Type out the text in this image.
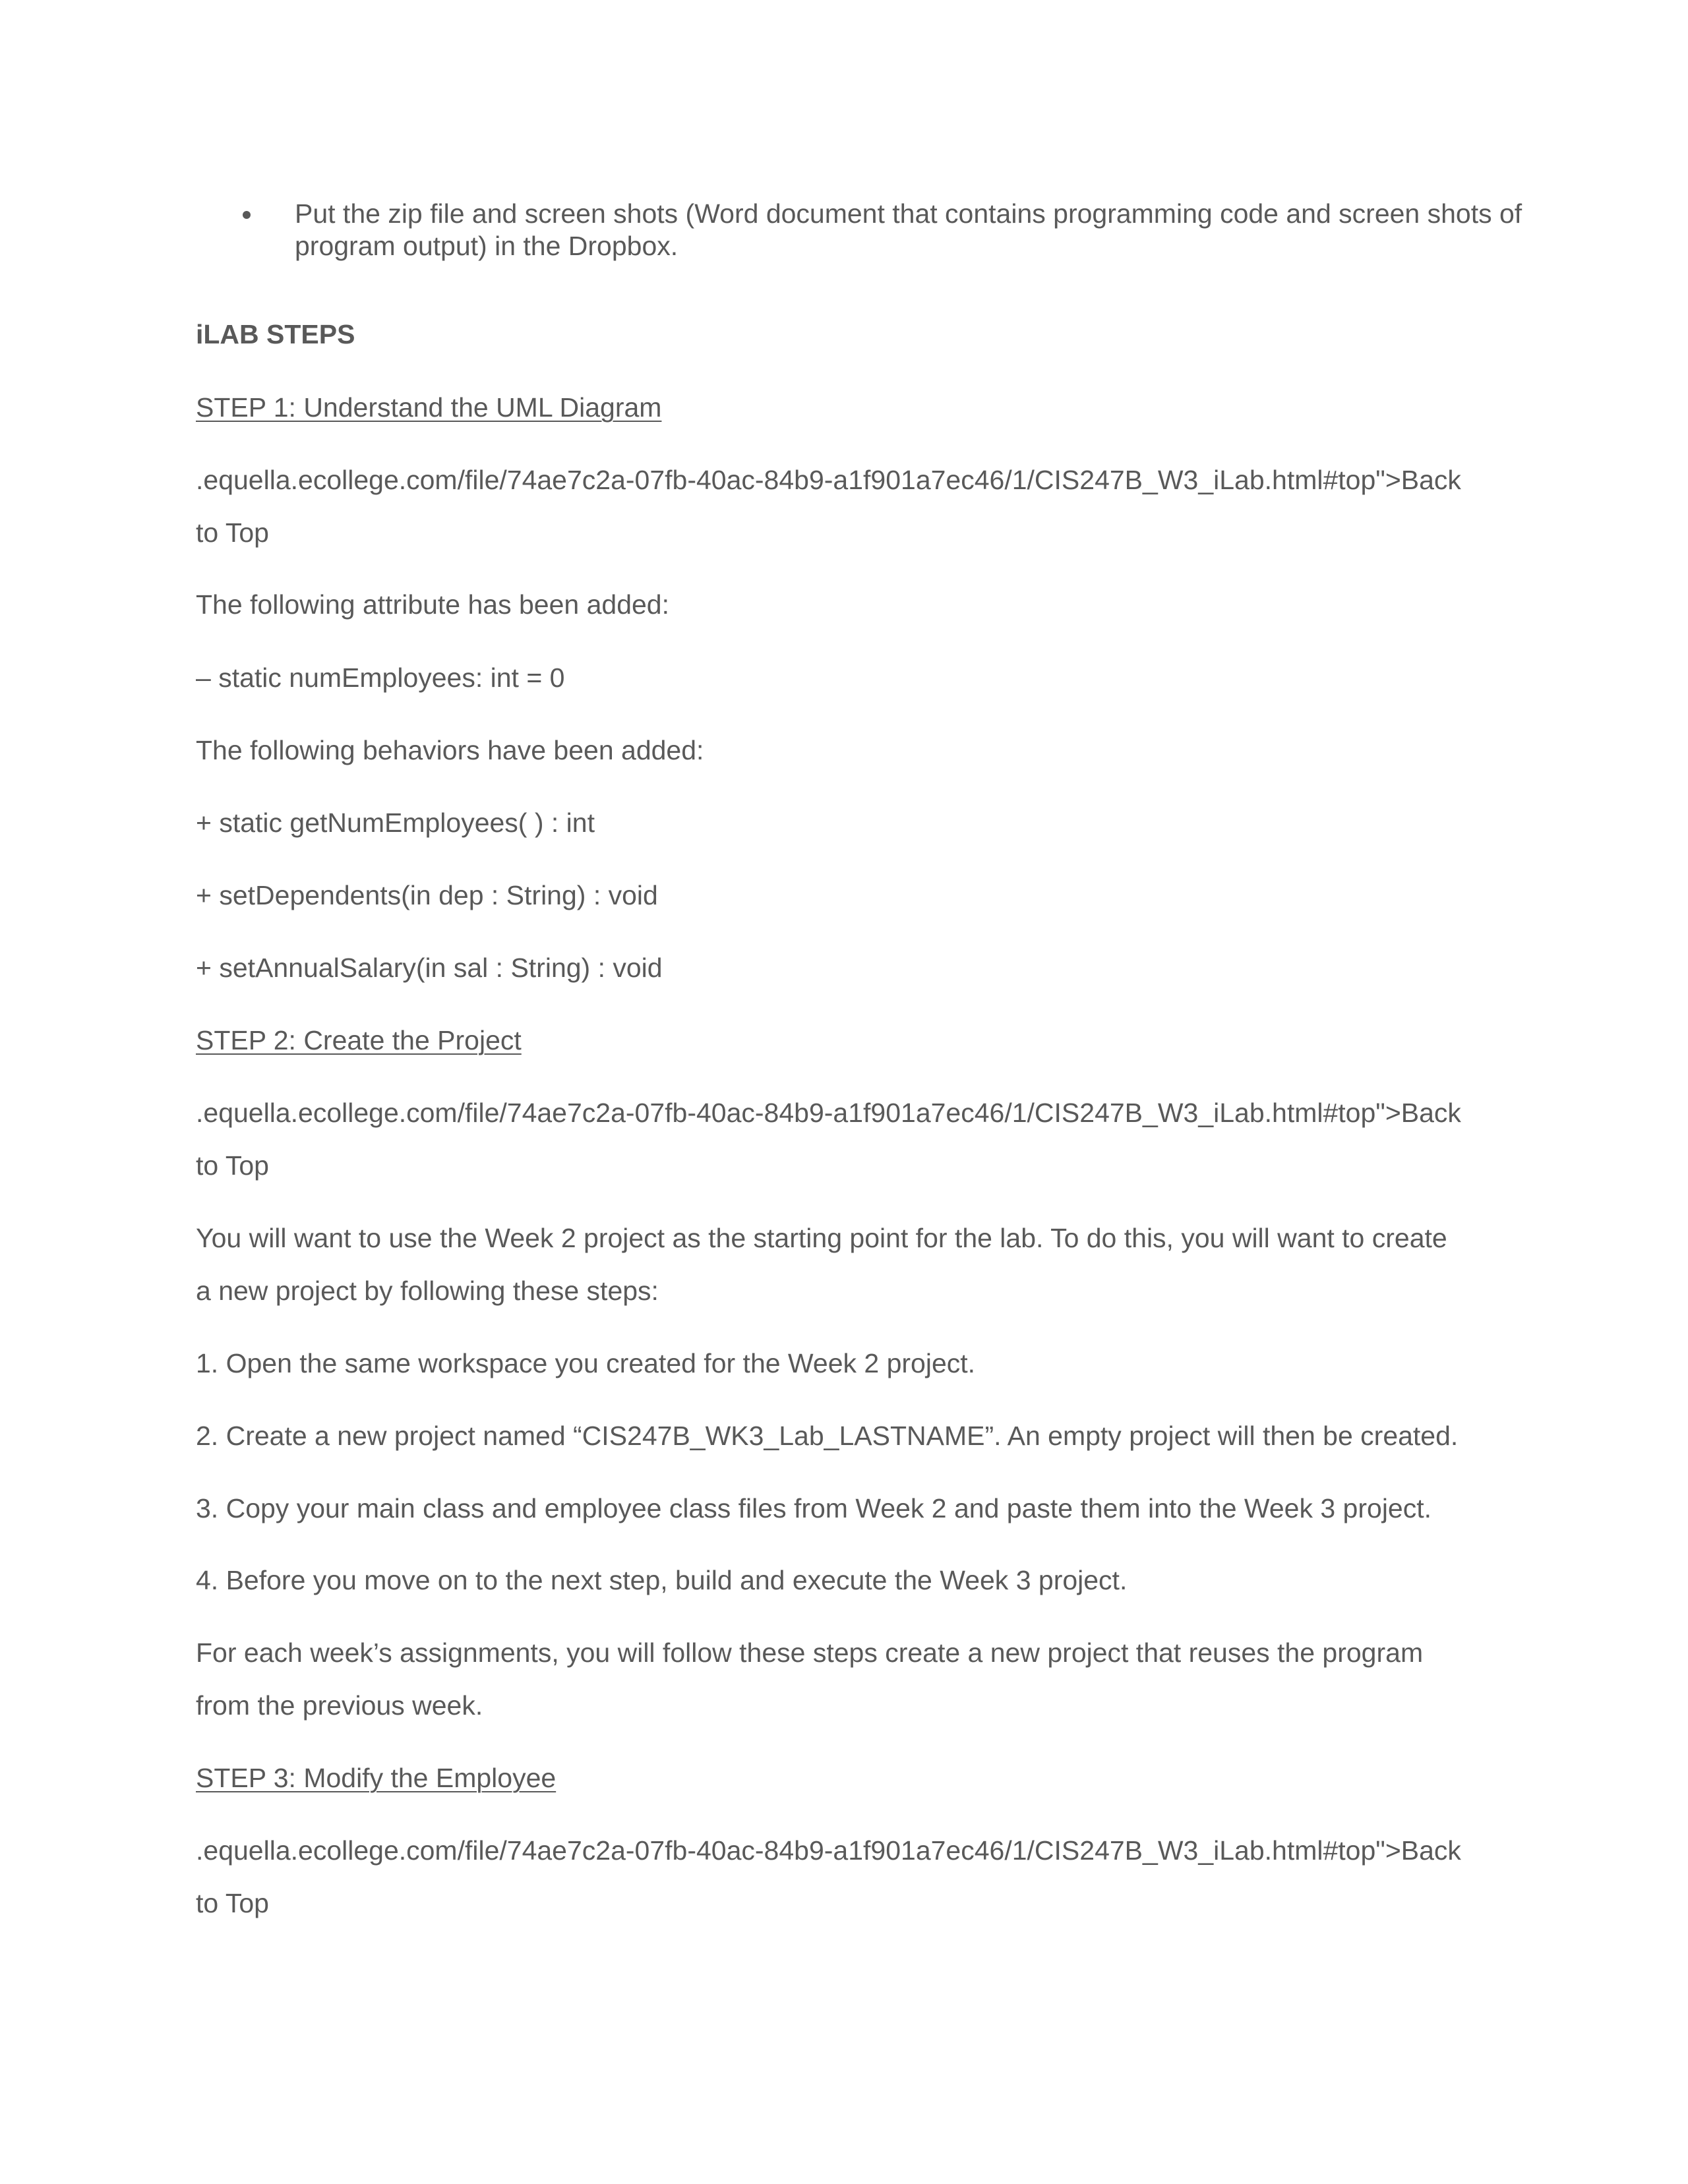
Put the zip file and screen shots (Word document that contains programming code and screen shots of program output) in the Dropbox.
iLAB STEPS
STEP 1: Understand the UML Diagram
.equella.ecollege.com/file/74ae7c2a-07fb-40ac-84b9-a1f901a7ec46/1/CIS247B_W3_iLab.html#top">Back
to Top
The following attribute has been added:
– static numEmployees: int = 0
The following behaviors have been added:
+ static getNumEmployees( ) : int
+ setDependents(in dep : String) : void
+ setAnnualSalary(in sal : String) : void
STEP 2: Create the Project
.equella.ecollege.com/file/74ae7c2a-07fb-40ac-84b9-a1f901a7ec46/1/CIS247B_W3_iLab.html#top">Back
to Top
You will want to use the Week 2 project as the starting point for the lab. To do this, you will want to create
a new project by following these steps:
1. Open the same workspace you created for the Week 2 project.
2. Create a new project named “CIS247B_WK3_Lab_LASTNAME”. An empty project will then be created.
3. Copy your main class and employee class files from Week 2 and paste them into the Week 3 project.
4. Before you move on to the next step, build and execute the Week 3 project.
For each week’s assignments, you will follow these steps create a new project that reuses the program
from the previous week.
STEP 3: Modify the Employee
.equella.ecollege.com/file/74ae7c2a-07fb-40ac-84b9-a1f901a7ec46/1/CIS247B_W3_iLab.html#top">Back
to Top
